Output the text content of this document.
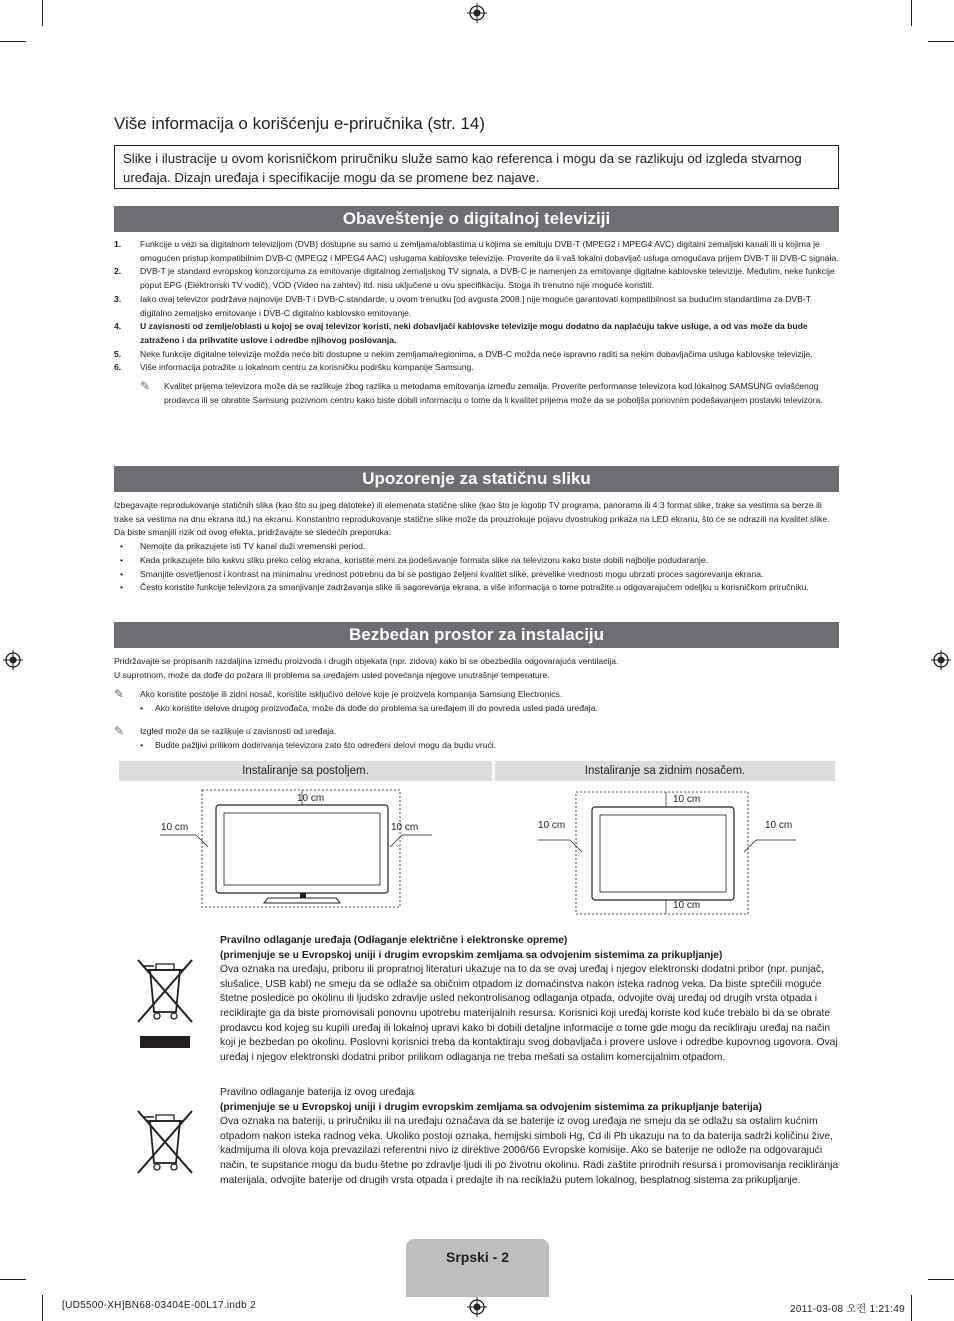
Više informacija o korišćenju e-priručnika (str. 14)
Slike i ilustracije u ovom korisničkom priručniku služe samo kao referenca i mogu da se razlikuju od izgleda stvarnog uređaja. Dizajn uređaja i specifikacije mogu da se promene bez najave.
Obaveštenje o digitalnoj televiziji
1.	Funkcije u vezi sa digitalnom televizijom (DVB) dostupne su samo u zemljama/oblastima u kojima se emituju DVB-T (MPEG2 i MPEG4 AVC) digitalni zemaljski kanali ili u kojima je omogućen pristup kompatibilnim DVB-C (MPEG2 i MPEG4 AAC) uslugama kablovske televizije. Proverite da li vaš lokalni dobavljač usluga omogućava prijem DVB-T ili DVB-C signala.
2.	DVB-T je standard evropskog konzorcijuma za emitovanje digitalnog zemaljskog TV signala, a DVB-C je namenjen za emitovanje digitalne kablovske televizije. Međutim, neke funkcije poput EPG (Elektronski TV vodič), VOD (Video na zahtev) itd. nisu uključene u ovu specifikaciju. Stoga ih trenutno nije moguće koristiti.
3.	Iako ovaj televizor podržava najnovije DVB-T i DVB-C standarde, u ovom trenutku [od avgusta 2008.] nije moguće garantovati kompatibilnost sa budućim standardima za DVB-T digitalno zemaljsko emitovanje i DVB-C digitalno kablovsko emitovanje.
4.	U zavisnosti od zemlje/oblasti u kojoj se ovaj televizor koristi, neki dobavljači kablovske televizije mogu dodatno da naplaćuju takve usluge, a od vas može da bude zatraženo i da prihvatite uslove i odredbe njihovog poslovanja.
5.	Neke funkcije digitalne televizije možda neće biti dostupne u nekim zemljama/regionima, a DVB-C možda neće ispravno raditi sa nekim dobavljačima usluga kablovske televizije.
6.	Više informacija potražite u lokalnom centru za korisničku podršku kompanije Samsung.
✎	Kvalitet prijema televizora može da se razlikuje zbog razlika u metodama emitovanja između zemalja. Proverite performanse televizora kod lokalnog SAMSUNG ovlašćenog prodavca ili se obratite Samsung pozivnom centru kako biste dobili informaciju o tome da li kvalitet prijema može da se poboljša ponovnim podešavanjem postavki televizora.
Upozorenje za statičnu sliku
Izbegavajte reprodukovanje statičnih slika (kao što su jpeg datoteke) ili elemenata statične slike (kao što je logotip TV programa, panorama ili 4:3 format slike, trake sa vestima sa berze ili trake sa vestima na dnu ekrana itd.) na ekranu. Konstantno reprodukovanje statične slike može da prouzrokuje pojavu dvostrukog prikaza na LED ekranu, što će se odraziti na kvalitet slike. Da biste smanjili rizik od ovog efekta, pridržavajte se sledećih preporuka:
•	Nemojte da prikazujete isti TV kanal duži vremenski period.
•	Kada prikazujete bilo kakvu sliku preko celog ekrana, koristite meni za podešavanje formata slike na televizoru kako biste dobili najbolje podudaranje.
•	Smanjite osvetljenost i kontrast na minimalnu vrednost potrebnu da bi se postigao željeni kvalitet slike, prevelike vrednosti mogu ubrzati proces sagorevanja ekrana.
•	Često koristite funkcije televizora za smanjivanje zadržavanja slike ili sagorevanja ekrana, a više informacija o tome potražite u odgovarajućem odeljku u korisničkom priručniku.
Bezbedan prostor za instalaciju
Pridržavajte se propisanih razdaljina između proizvoda i drugih objekata (npr. zidova) kako bi se obezbedila odgovarajuća ventilacija.
U suprotnom, može da dođe do požara ili problema sa uređajem usled povećanja njegove unutrašnje temperature.
✎	Ako koristite postolje ili zidni nosač, koristite isključivo delove koje je proizvela kompanija Samsung Electronics.
•	Ako koristite delove drugog proizvođača, može da dođe do problema sa uređajem ili do povreda usled pada uređaja.
✎	Izgled može da se razlikuje u zavisnosti od uređaja.
•	Budite pažljivi prilikom dodirivanja televizora zato što određeni delovi mogu da budu vrući.
Instaliranje sa postoljem.	Instaliranje sa zidnim nosačem.
10 cm
10 cm	10 cm
10 cm
10 cm	10 cm
10 cm
Pravilno odlaganje uređaja (Odlaganje električne i elektronske opreme)
(primenjuje se u Evropskoj uniji i drugim evropskim zemljama sa odvojenim sistemima za prikupljanje)
Ova oznaka na uređaju, priboru ili propratnoj literaturi ukazuje na to da se ovaj uređaj i njegov elektronski dodatni pribor (npr. punjač, slušalice, USB kabl) ne smeju da se odlaže sa običnim otpadom iz domaćinstva nakon isteka radnog veka. Da biste sprečili moguće štetne posledice po okolinu ili ljudsko zdravlje usled nekontrolisanog odlaganja otpada, odvojite ovaj uređaj od drugih vrsta otpada i reciklirajte ga da biste promovisali ponovnu upotrebu materijalnih resursa. Korisnici koji uređaj koriste kod kuće trebalo bi da se obrate prodavcu kod kojeg su kupili uređaj ili lokalnoj upravi kako bi dobili detaljne informacije o tome gde mogu da recikliraju uređaj na način koji je bezbedan po okolinu. Poslovni korisnici treba da kontaktiraju svog dobavljača i provere uslove i odredbe kupovnog ugovora. Ovaj uređaj i njegov elektronski dodatni pribor prilikom odlaganja ne treba mešati sa ostalim komercijalnim otpadom.
Pravilno odlaganje baterija iz ovog uređaja
(primenjuje se u Evropskoj uniji i drugim evropskim zemljama sa odvojenim sistemima za prikupljanje baterija)
Ova oznaka na bateriji, u priručniku ili na uređaju označava da se baterije iz ovog uređaja ne smeju da se odlažu sa ostalim kućnim otpadom nakon isteka radnog veka. Ukoliko postoji oznaka, hemijski simboli Hg, Cd ili Pb ukazuju na to da baterija sadrži količinu žive, kadmijuma ili olova koja prevazilazi referentni nivo iz direktive 2006/66 Evropske komisije. Ako se baterije ne odlože na odgovarajući način, te supstance mogu da budu štetne po zdravlje ljudi ili po životnu okolinu. Radi zaštite prirodnih resursa i promovisanja recikliranja materijala, odvojite baterije od drugih vrsta otpada i predajte ih na reciklažu putem lokalnog, besplatnog sistema za prikupljanje.
Srpski - 2
[UD5500-XH]BN68-03404E-00L17.indb 2	2011-03-08 오전 1:21:49
